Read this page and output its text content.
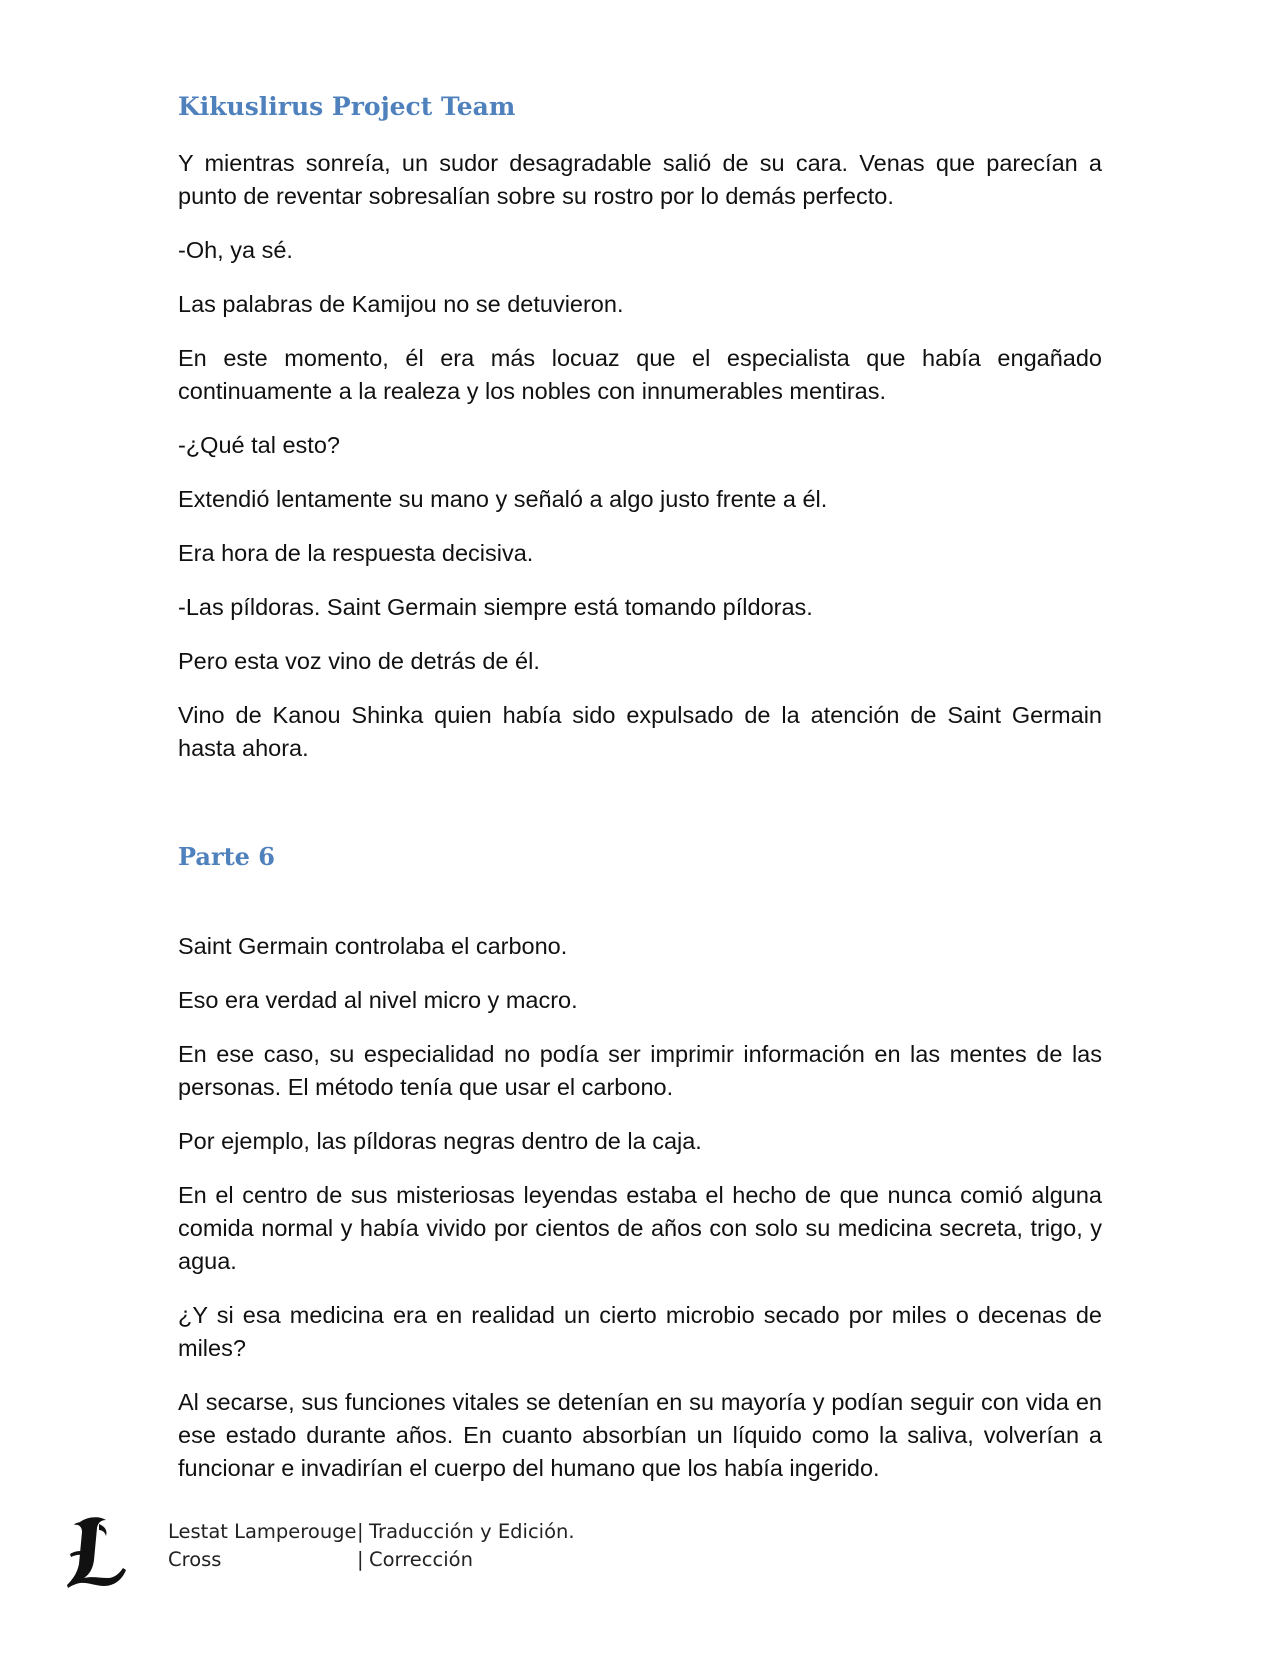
Kikuslirus Project Team

Y mientras sonreía, un sudor desagradable salió de su cara. Venas que parecían a punto de reventar sobresalían sobre su rostro por lo demás perfecto.

-Oh, ya sé.

Las palabras de Kamijou no se detuvieron.

En este momento, él era más locuaz que el especialista que había engañado continuamente a la realeza y los nobles con innumerables mentiras.

-¿Qué tal esto?

Extendió lentamente su mano y señaló a algo justo frente a él.

Era hora de la respuesta decisiva.

-Las píldoras. Saint Germain siempre está tomando píldoras.

Pero esta voz vino de detrás de él.

Vino de Kanou Shinka quien había sido expulsado de la atención de Saint Germain hasta ahora.

Parte 6

Saint Germain controlaba el carbono.

Eso era verdad al nivel micro y macro.

En ese caso, su especialidad no podía ser imprimir información en las mentes de las personas. El método tenía que usar el carbono.

Por ejemplo, las píldoras negras dentro de la caja.

En el centro de sus misteriosas leyendas estaba el hecho de que nunca comió alguna comida normal y había vivido por cientos de años con solo su medicina secreta, trigo, y agua.

¿Y si esa medicina era en realidad un cierto microbio secado por miles o decenas de miles?

Al secarse, sus funciones vitales se detenían en su mayoría y podían seguir con vida en ese estado durante años. En cuanto absorbían un líquido como la saliva, volverían a funcionar e invadirían el cuerpo del humano que los había ingerido.

Lestat Lamperouge | Traducción y Edición.
Cross	| Corrección
